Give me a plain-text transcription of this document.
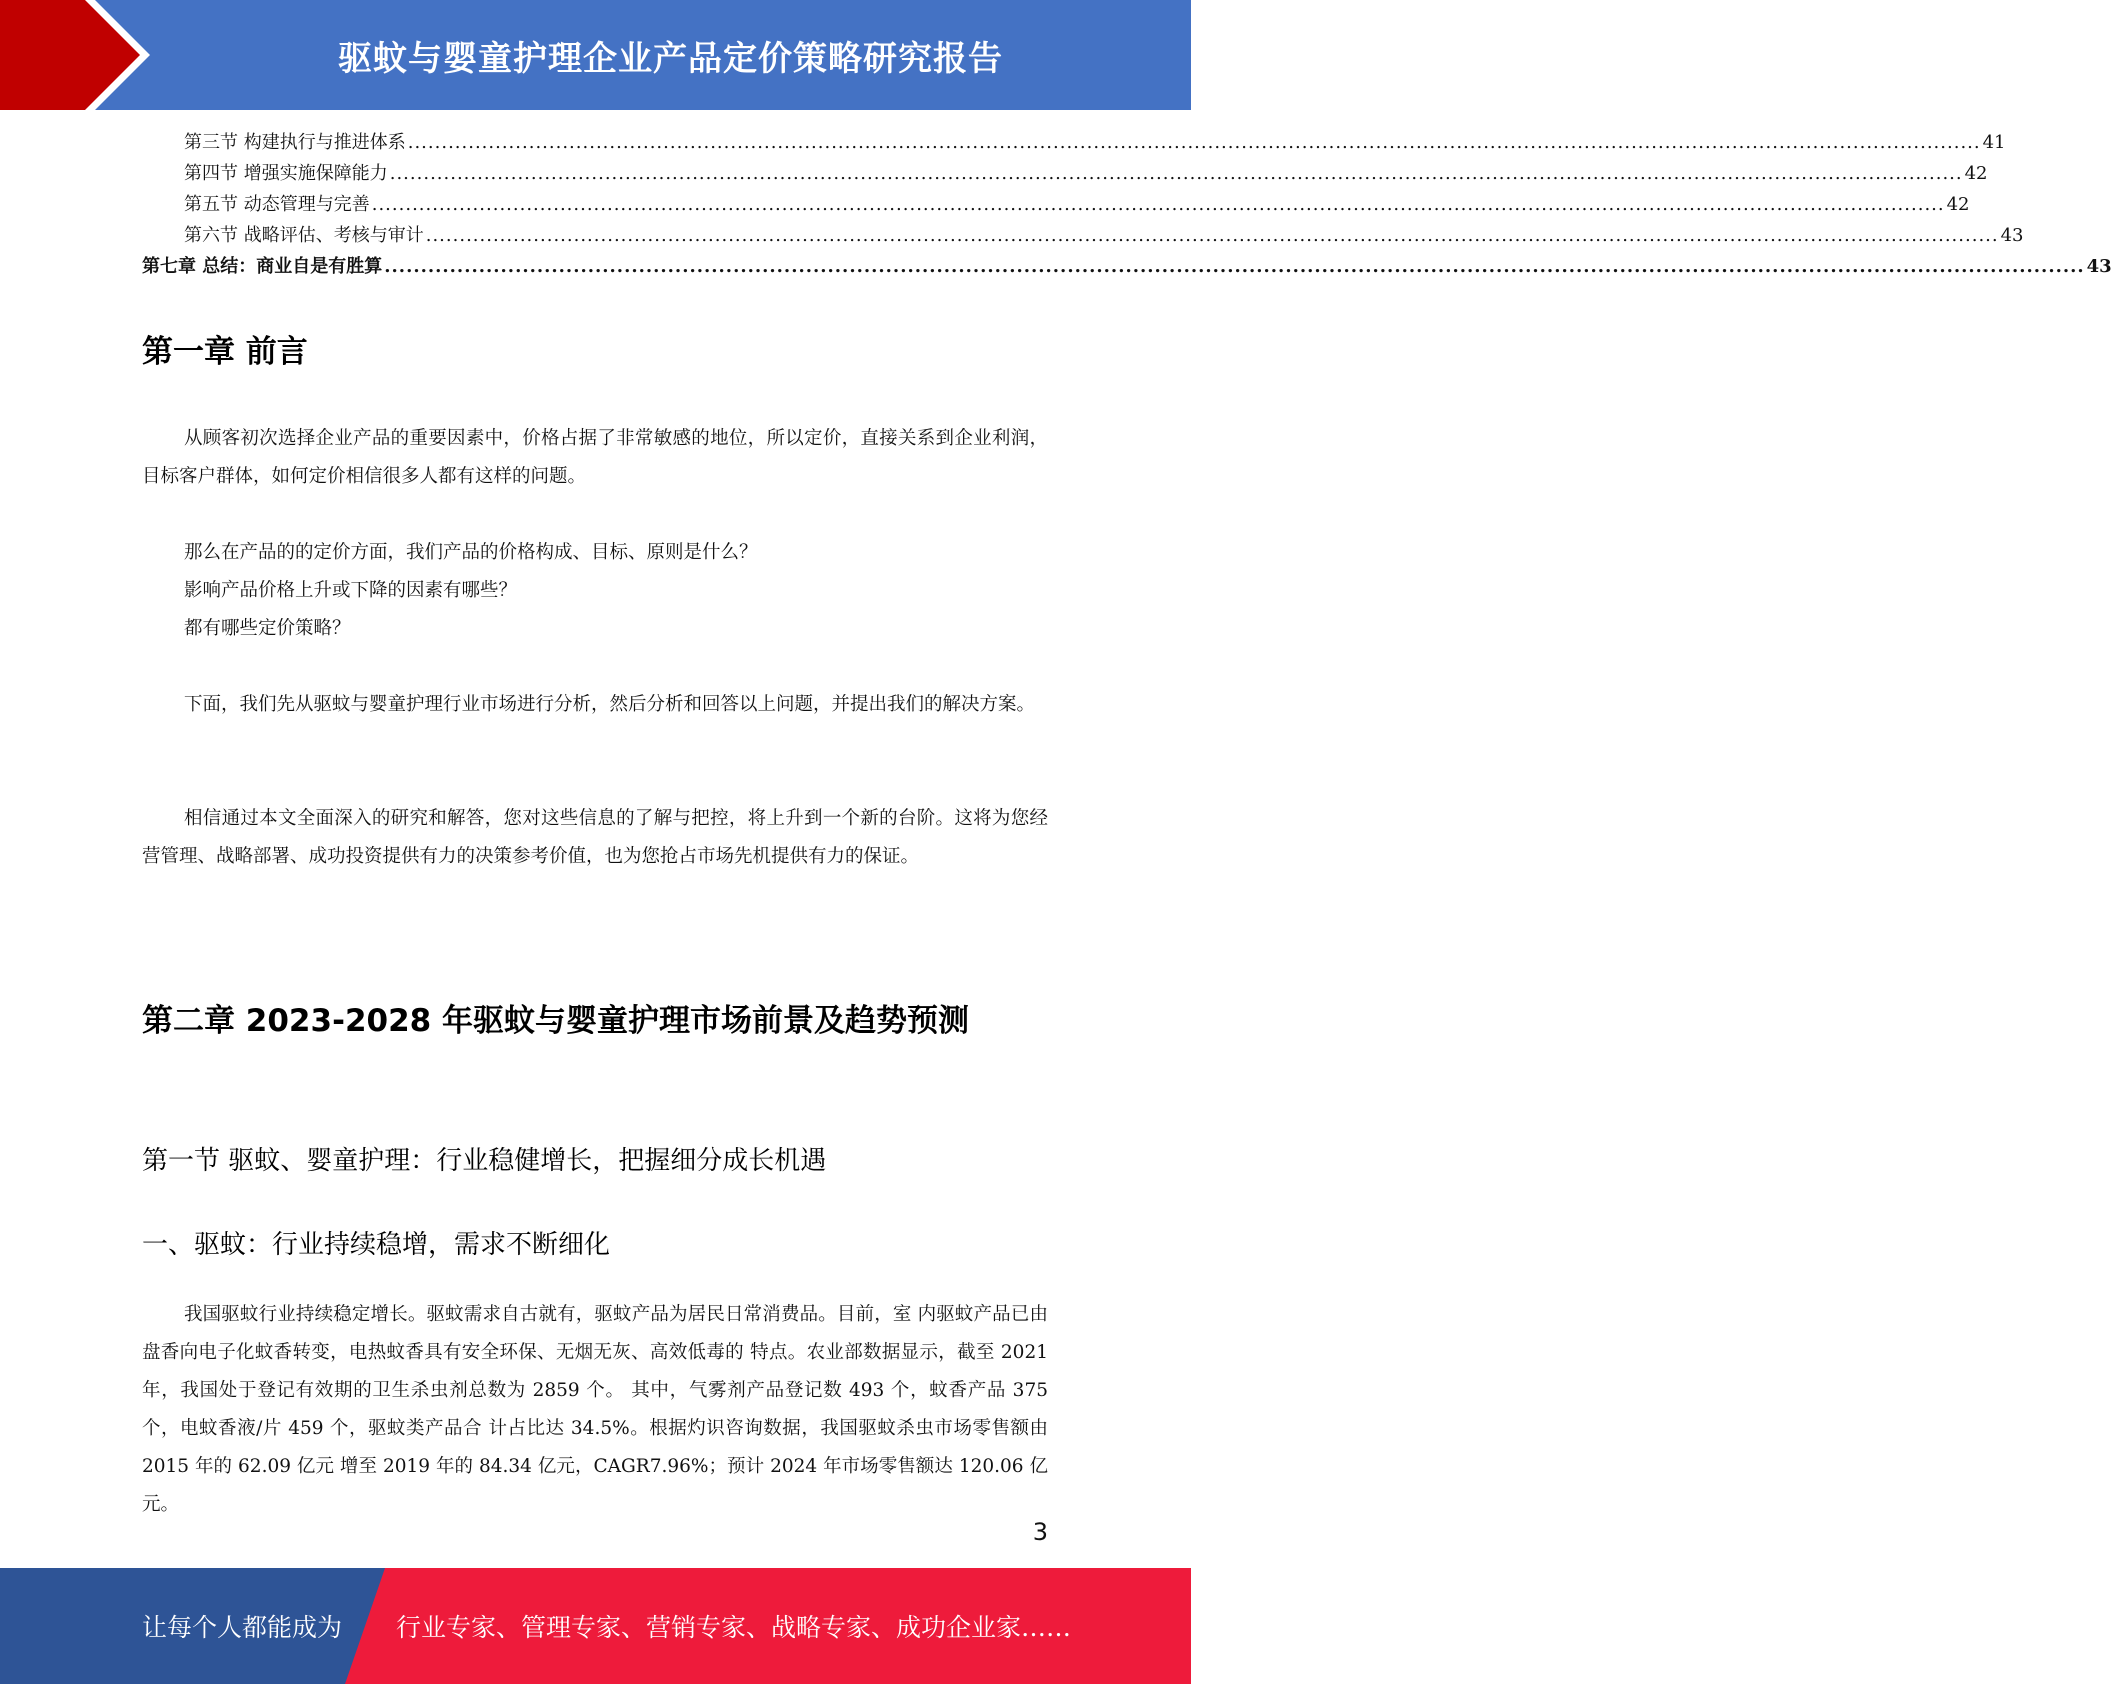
驱蚊与婴童护理企业产品定价策略研究报告
第三节 构建执行与推进体系 .......................................................................................................................................................................................................................................... 41
第四节 增强实施保障能力 .......................................................................................................................................................................................................................................... 42
第五节 动态管理与完善 .......................................................................................................................................................................................................................................... 42
第六节 战略评估、考核与审计 .......................................................................................................................................................................................................................................... 43
第七章 总结：商业自是有胜算 .......................................................................................................................................................................................................................................... 43
第一章 前言

从顾客初次选择企业产品的重要因素中，价格占据了非常敏感的地位，所以定价，直接关系到企业利润，目标客户群体，如何定价相信很多人都有这样的问题。

那么在产品的的定价方面，我们产品的价格构成、目标、原则是什么？

影响产品价格上升或下降的因素有哪些？

都有哪些定价策略？

下面，我们先从驱蚊与婴童护理行业市场进行分析，然后分析和回答以上问题，并提出我们的解决方案。

相信通过本文全面深入的研究和解答，您对这些信息的了解与把控，将上升到一个新的台阶。这将为您经营管理、战略部署、成功投资提供有力的决策参考价值，也为您抢占市场先机提供有力的保证。

第二章 2023-2028 年驱蚊与婴童护理市场前景及趋势预测
第一节 驱蚊、婴童护理：行业稳健增长，把握细分成长机遇
一、驱蚊：行业持续稳增，需求不断细化

我国驱蚊行业持续稳定增长。驱蚊需求自古就有，驱蚊产品为居民日常消费品。目前，室 内驱蚊产品已由盘香向电子化蚊香转变，电热蚊香具有安全环保、无烟无灰、高效低毒的 特点。农业部数据显示，截至 2021 年，我国处于登记有效期的卫生杀虫剂总数为 2859 个。 其中，气雾剂产品登记数 493 个，蚊香产品 375 个，电蚊香液/片 459 个，驱蚊类产品合 计占比达 34.5%。根据灼识咨询数据，我国驱蚊杀虫市场零售额由 2015 年的 62.09 亿元 增至 2019 年的 84.34 亿元，CAGR7.96%；预计 2024 年市场零售额达 120.06 亿元。

3
让每个人都能成为 行业专家、管理专家、营销专家、战略专家、成功企业家……
